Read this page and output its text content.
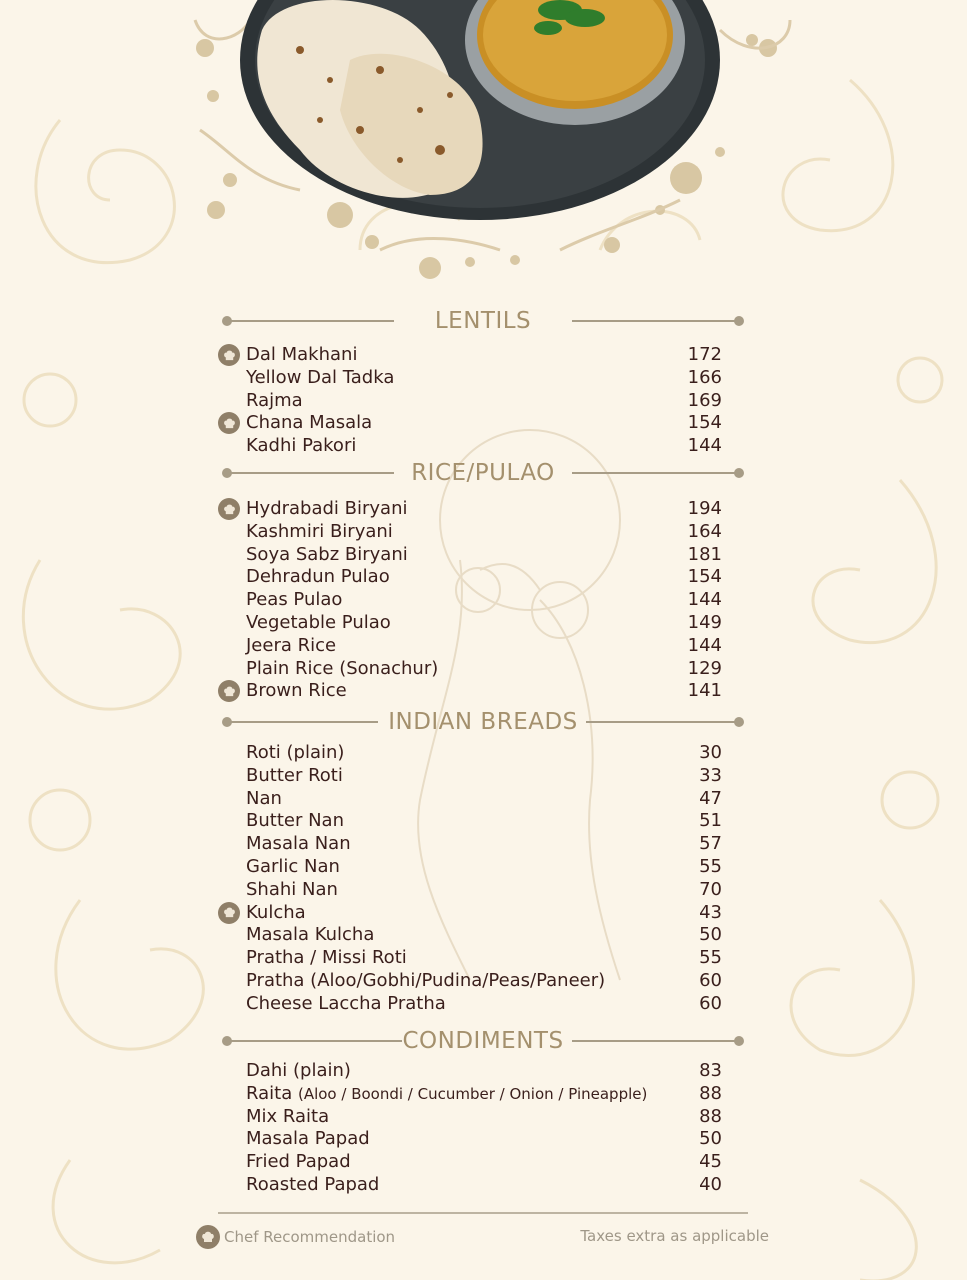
LENTILS
Dal Makhani	172
Yellow Dal Tadka	166
Rajma	169
Chana Masala	154
Kadhi Pakori	144
RICE/PULAO
Hydrabadi Biryani	194
Kashmiri Biryani	164
Soya Sabz Biryani	181
Dehradun Pulao	154
Peas Pulao	144
Vegetable Pulao	149
Jeera Rice	144
Plain Rice (Sonachur)	129
Brown Rice	141
INDIAN BREADS
Roti (plain)	30
Butter Roti	33
Nan	47
Butter Nan	51
Masala Nan	57
Garlic Nan	55
Shahi Nan	70
Kulcha	43
Masala Kulcha	50
Pratha / Missi Roti	55
Pratha (Aloo/Gobhi/Pudina/Peas/Paneer)	60
Cheese Laccha Pratha	60
CONDIMENTS
Dahi (plain)	83
Raita (Aloo / Boondi / Cucumber / Onion / Pineapple)	88
Mix Raita	88
Masala Papad	50
Fried Papad	45
Roasted Papad	40
Chef Recommendation	Taxes extra as applicable
